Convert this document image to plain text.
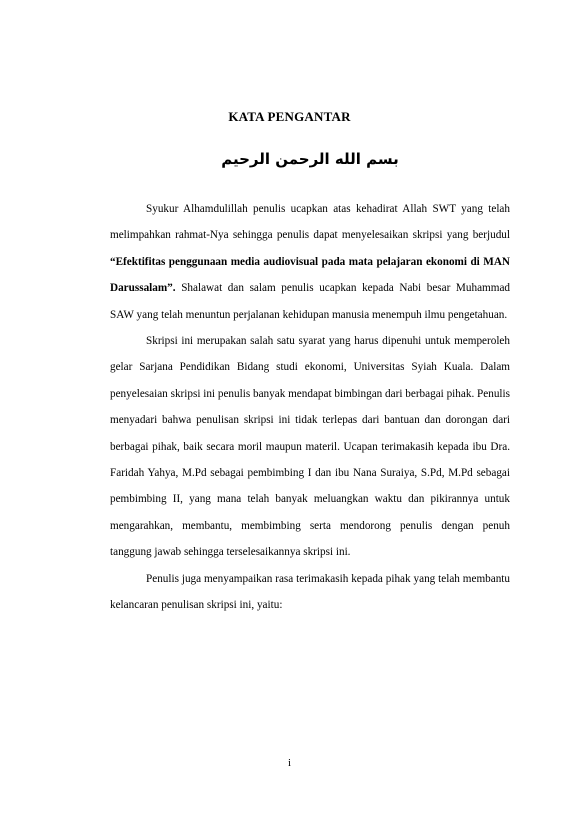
KATA PENGANTAR
بسم الله الرحمن الرحيم

Syukur Alhamdulillah penulis ucapkan atas kehadirat Allah SWT yang telah melimpahkan rahmat-Nya sehingga penulis dapat menyelesaikan skripsi yang berjudul “Efektifitas penggunaan media audiovisual pada mata pelajaran ekonomi di MAN Darussalam”. Shalawat dan salam penulis ucapkan kepada Nabi besar Muhammad SAW yang telah menuntun perjalanan kehidupan manusia menempuh ilmu pengetahuan.

Skripsi ini merupakan salah satu syarat yang harus dipenuhi untuk memperoleh gelar Sarjana Pendidikan Bidang studi ekonomi, Universitas Syiah Kuala. Dalam penyelesaian skripsi ini penulis banyak mendapat bimbingan dari berbagai pihak. Penulis menyadari bahwa penulisan skripsi ini tidak terlepas dari bantuan dan dorongan dari berbagai pihak, baik secara moril maupun materil. Ucapan terimakasih kepada ibu Dra. Faridah Yahya, M.Pd sebagai pembimbing I dan ibu Nana Suraiya, S.Pd, M.Pd sebagai pembimbing II, yang mana telah banyak meluangkan waktu dan pikirannya untuk mengarahkan, membantu, membimbing serta mendorong penulis dengan penuh tanggung jawab sehingga terselesaikannya skripsi ini.

Penulis juga menyampaikan rasa terimakasih kepada pihak yang telah membantu kelancaran penulisan skripsi ini, yaitu:

i
